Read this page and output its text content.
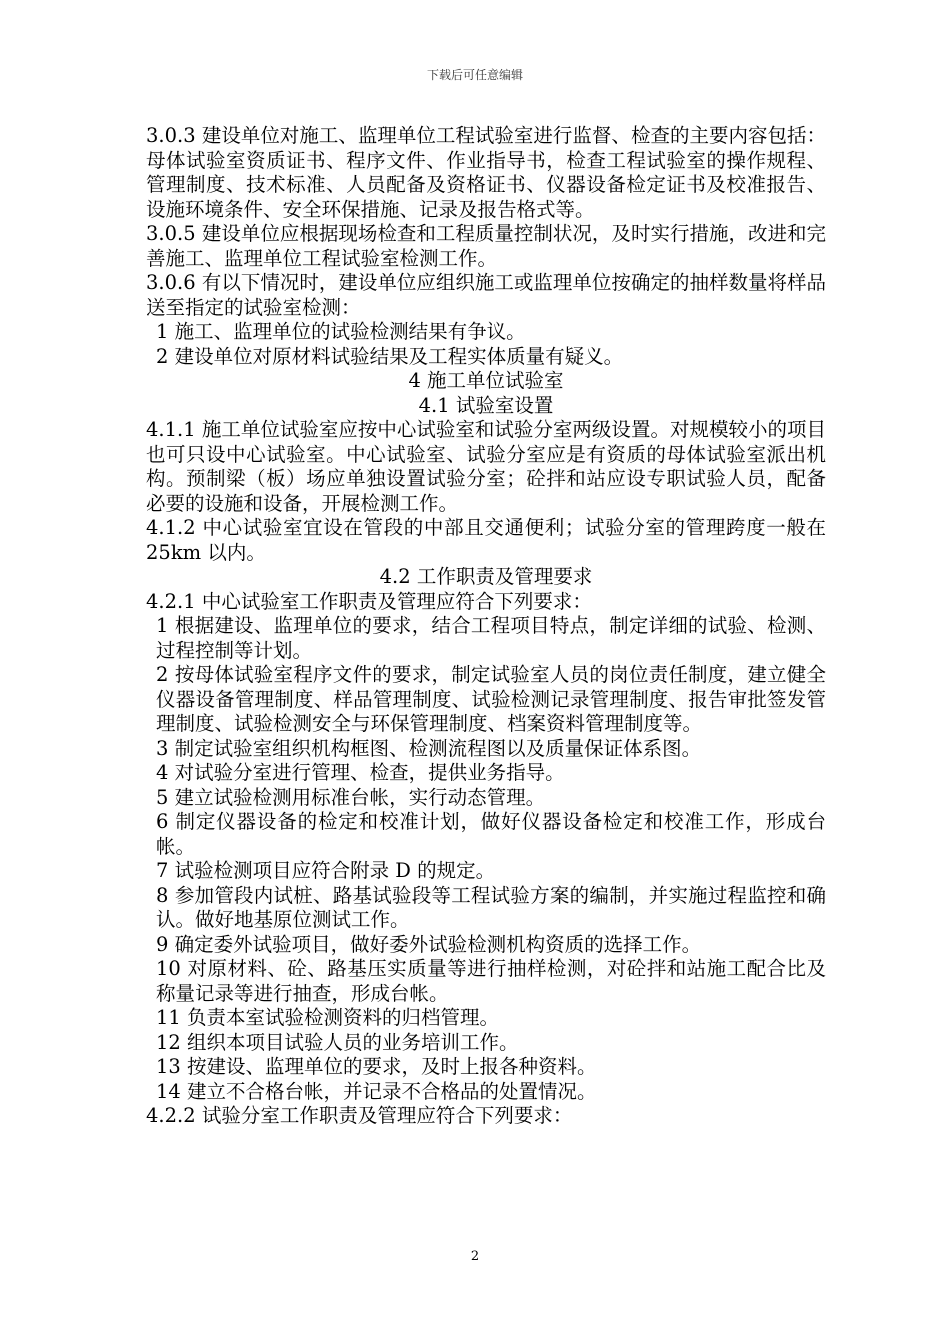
下载后可任意编辑

3.0.3 建设单位对施工、监理单位工程试验室进行监督、检查的主要内容包括：母体试验室资质证书、程序文件、作业指导书，检查工程试验室的操作规程、管理制度、技术标准、人员配备及资格证书、仪器设备检定证书及校准报告、设施环境条件、安全环保措施、记录及报告格式等。

3.0.5 建设单位应根据现场检查和工程质量控制状况，及时实行措施，改进和完善施工、监理单位工程试验室检测工作。

3.0.6 有以下情况时，建设单位应组织施工或监理单位按确定的抽样数量将样品送至指定的试验室检测：

1 施工、监理单位的试验检测结果有争议。

2 建设单位对原材料试验结果及工程实体质量有疑义。

4 施工单位试验室

4.1 试验室设置

4.1.1 施工单位试验室应按中心试验室和试验分室两级设置。对规模较小的项目也可只设中心试验室。中心试验室、试验分室应是有资质的母体试验室派出机构。预制梁（板）场应单独设置试验分室；砼拌和站应设专职试验人员，配备必要的设施和设备，开展检测工作。

4.1.2 中心试验室宜设在管段的中部且交通便利；试验分室的管理跨度一般在 25km 以内。

4.2 工作职责及管理要求

4.2.1 中心试验室工作职责及管理应符合下列要求：

1 根据建设、监理单位的要求，结合工程项目特点，制定详细的试验、检测、过程控制等计划。

2 按母体试验室程序文件的要求，制定试验室人员的岗位责任制度，建立健全仪器设备管理制度、样品管理制度、试验检测记录管理制度、报告审批签发管理制度、试验检测安全与环保管理制度、档案资料管理制度等。

3 制定试验室组织机构框图、检测流程图以及质量保证体系图。

4 对试验分室进行管理、检查，提供业务指导。

5 建立试验检测用标准台帐，实行动态管理。

6 制定仪器设备的检定和校准计划，做好仪器设备检定和校准工作，形成台帐。

7 试验检测项目应符合附录 D 的规定。

8 参加管段内试桩、路基试验段等工程试验方案的编制，并实施过程监控和确认。做好地基原位测试工作。

9 确定委外试验项目，做好委外试验检测机构资质的选择工作。

10 对原材料、砼、路基压实质量等进行抽样检测，对砼拌和站施工配合比及称量记录等进行抽查，形成台帐。

11 负责本室试验检测资料的归档管理。

12 组织本项目试验人员的业务培训工作。

13 按建设、监理单位的要求，及时上报各种资料。

14 建立不合格台帐，并记录不合格品的处置情况。

4.2.2 试验分室工作职责及管理应符合下列要求：

2
